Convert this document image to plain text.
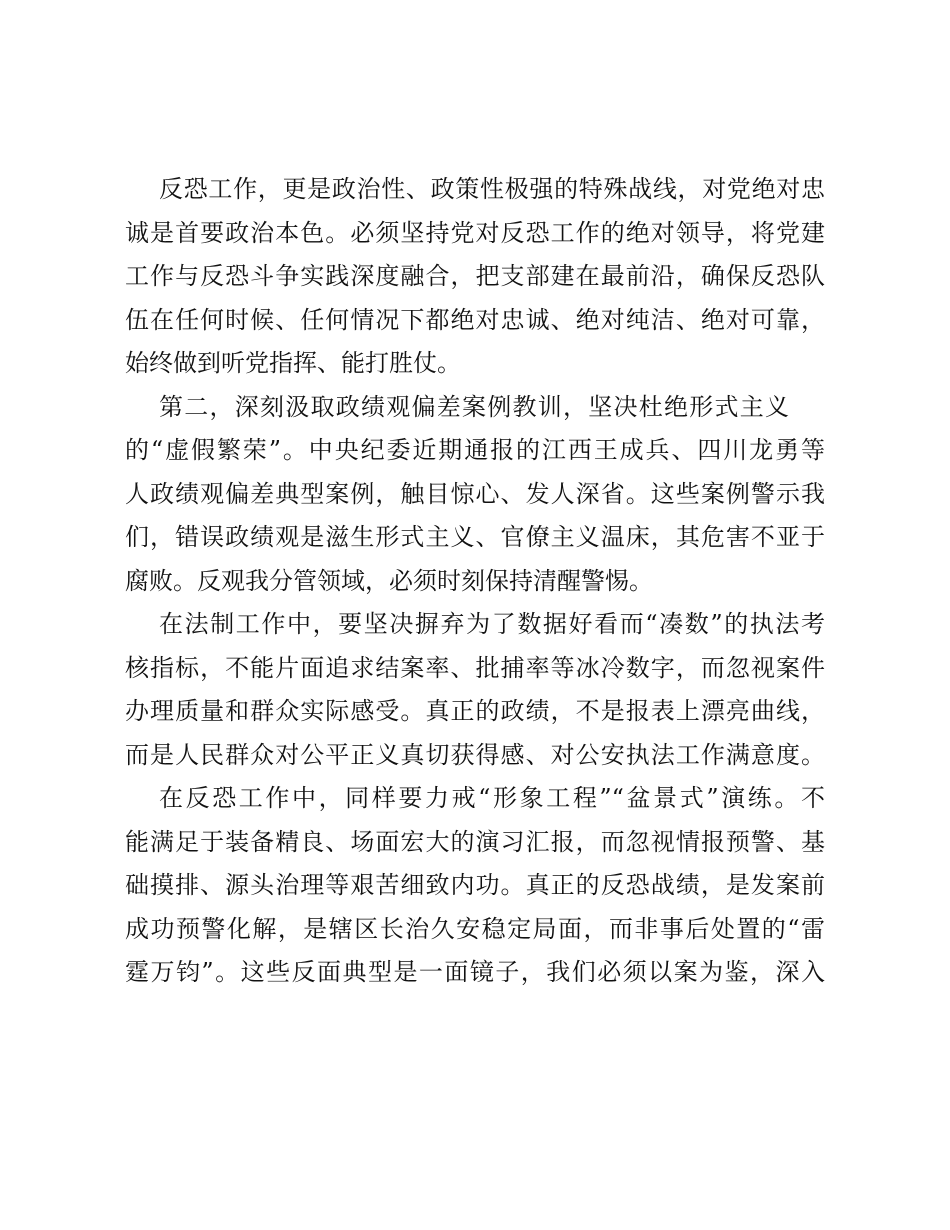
反恐工作，更是政治性、政策性极强的特殊战线，对党绝对忠
诚是首要政治本色。必须坚持党对反恐工作的绝对领导，将党建
工作与反恐斗争实践深度融合，把支部建在最前沿，确保反恐队
伍在任何时候、任何情况下都绝对忠诚、绝对纯洁、绝对可靠，
始终做到听党指挥、能打胜仗。
第二，深刻汲取政绩观偏差案例教训，坚决杜绝形式主义
的“虚假繁荣”。中央纪委近期通报的江西王成兵、四川龙勇等
人政绩观偏差典型案例，触目惊心、发人深省。这些案例警示我
们，错误政绩观是滋生形式主义、官僚主义温床，其危害不亚于
腐败。反观我分管领域，必须时刻保持清醒警惕。
在法制工作中，要坚决摒弃为了数据好看而“凑数”的执法考
核指标，不能片面追求结案率、批捕率等冰冷数字，而忽视案件
办理质量和群众实际感受。真正的政绩，不是报表上漂亮曲线，
而是人民群众对公平正义真切获得感、对公安执法工作满意度。
在反恐工作中，同样要力戒“形象工程”“盆景式”演练。不
能满足于装备精良、场面宏大的演习汇报，而忽视情报预警、基
础摸排、源头治理等艰苦细致内功。真正的反恐战绩，是发案前
成功预警化解，是辖区长治久安稳定局面，而非事后处置的“雷
霆万钧”。这些反面典型是一面镜子，我们必须以案为鉴，深入
